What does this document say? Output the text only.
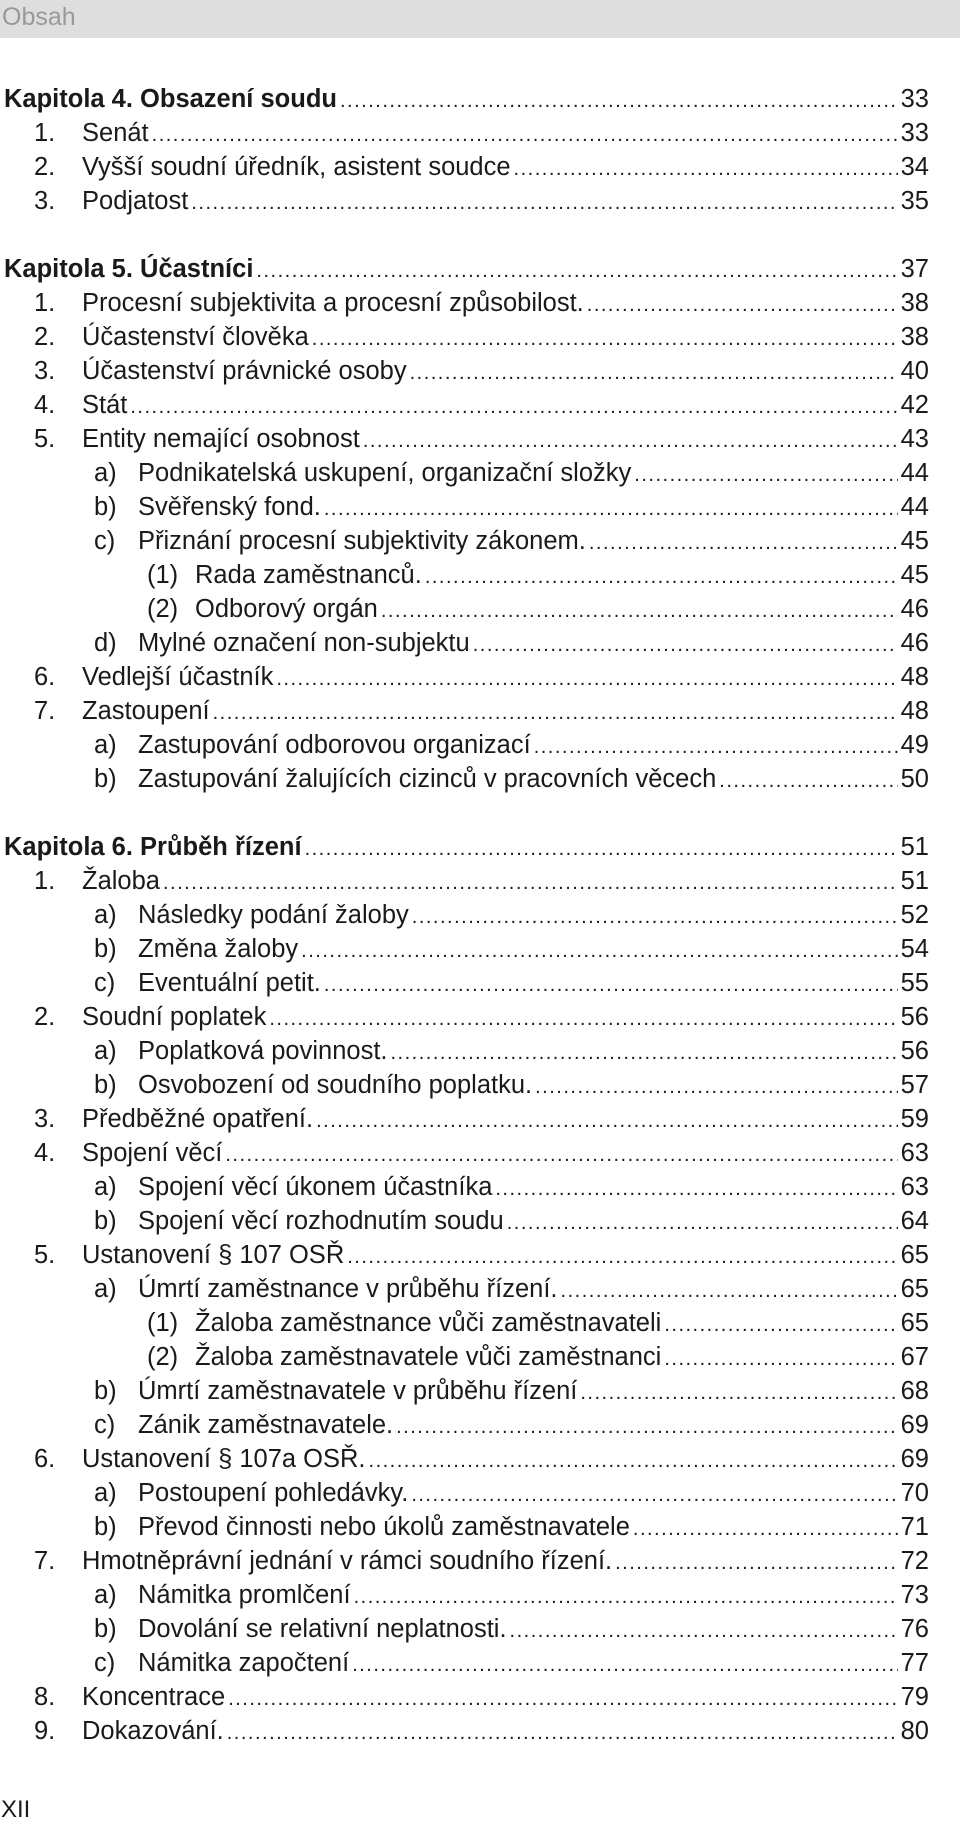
Obsah
Kapitola 4. Obsazení soudu .....	33
1.	Senát .....	33
2.	Vyšší soudní úředník, asistent soudce .....	34
3.	Podjatost .....	35
Kapitola 5. Účastníci .....	37
1.	Procesní subjektivita a procesní způsobilost. .....	38
2.	Účastenství člověka .....	38
3.	Účastenství právnické osoby .....	40
4.	Stát .....	42
5.	Entity nemající osobnost .....	43
a) Podnikatelská uskupení, organizační složky .....	44
b) Svěřenský fond. .....	44
c) Přiznání procesní subjektivity zákonem. .....	45
(1) Rada zaměstnanců. .....	45
(2) Odborový orgán .....	46
d) Mylné označení non-subjektu .....	46
6.	Vedlejší účastník .....	48
7.	Zastoupení .....	48
a) Zastupování odborovou organizací .....	49
b) Zastupování žalujících cizinců v pracovních věcech .....	50
Kapitola 6. Průběh řízení .....	51
1.	Žaloba .....	51
a) Následky podání žaloby .....	52
b) Změna žaloby .....	54
c) Eventuální petit. .....	55
2.	Soudní poplatek .....	56
a) Poplatková povinnost. .....	56
b) Osvobození od soudního poplatku. .....	57
3.	Předběžné opatření. .....	59
4.	Spojení věcí .....	63
a) Spojení věcí úkonem účastníka .....	63
b) Spojení věcí rozhodnutím soudu .....	64
5.	Ustanovení § 107 OSŘ .....	65
a) Úmrtí zaměstnance v průběhu řízení. .....	65
(1) Žaloba zaměstnance vůči zaměstnavateli .....	65
(2) Žaloba zaměstnavatele vůči zaměstnanci .....	67
b) Úmrtí zaměstnavatele v průběhu řízení .....	68
c) Zánik zaměstnavatele. .....	69
6.	Ustanovení § 107a OSŘ. .....	69
a) Postoupení pohledávky. .....	70
b) Převod činnosti nebo úkolů zaměstnavatele .....	71
7.	Hmotněprávní jednání v rámci soudního řízení. .....	72
a) Námitka promlčení .....	73
b) Dovolání se relativní neplatnosti. .....	76
c) Námitka započtení .....	77
8.	Koncentrace .....	79
9.	Dokazování. .....	80
XII
